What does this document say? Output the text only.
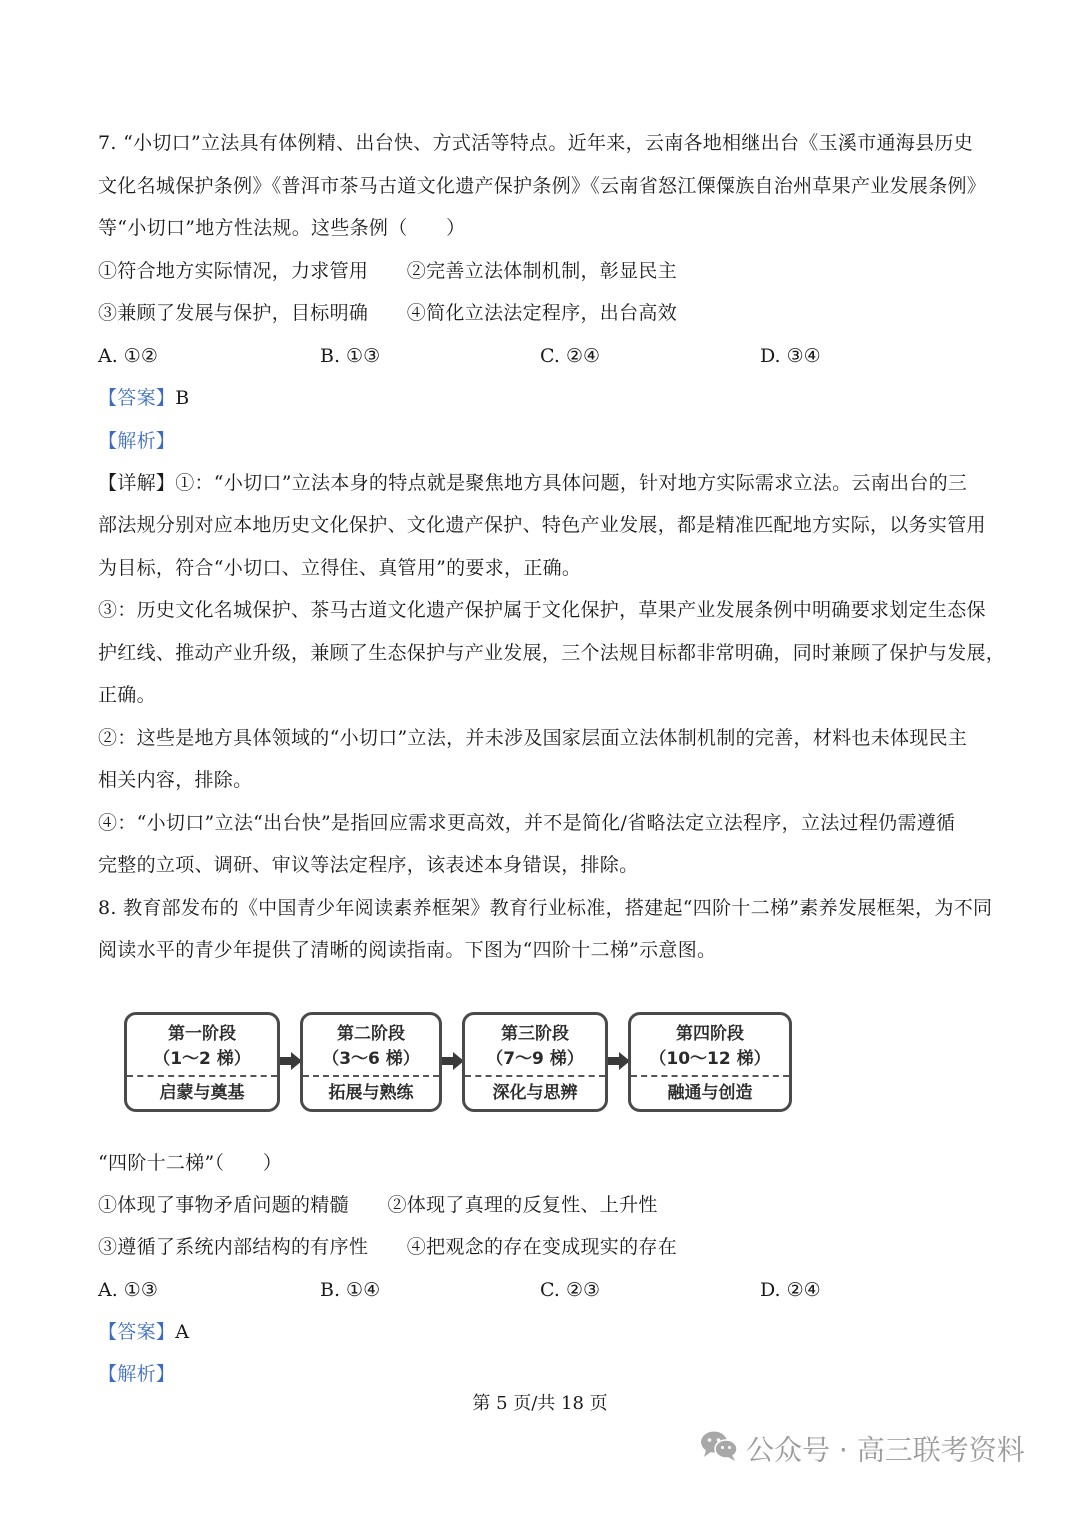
7. “小切口”立法具有体例精、出台快、方式活等特点。近年来，云南各地相继出台《玉溪市通海县历史
文化名城保护条例》《普洱市茶马古道文化遗产保护条例》《云南省怒江傈僳族自治州草果产业发展条例》
等“小切口”地方性法规。这些条例（　　）
①符合地方实际情况，力求管用　　②完善立法体制机制，彰显民主
③兼顾了发展与保护，目标明确　　④简化立法法定程序，出台高效
A. ①②	B. ①③	C. ②④	D. ③④
【答案】B
【解析】
【详解】①：“小切口”立法本身的特点就是聚焦地方具体问题，针对地方实际需求立法。云南出台的三
部法规分别对应本地历史文化保护、文化遗产保护、特色产业发展，都是精准匹配地方实际，以务实管用
为目标，符合“小切口、立得住、真管用”的要求，正确。
③：历史文化名城保护、茶马古道文化遗产保护属于文化保护，草果产业发展条例中明确要求划定生态保
护红线、推动产业升级，兼顾了生态保护与产业发展，三个法规目标都非常明确，同时兼顾了保护与发展，
正确。
②：这些是地方具体领域的“小切口”立法，并未涉及国家层面立法体制机制的完善，材料也未体现民主
相关内容，排除。
④：“小切口”立法“出台快”是指回应需求更高效，并不是简化/省略法定立法程序，立法过程仍需遵循
完整的立项、调研、审议等法定程序，该表述本身错误，排除。
8. 教育部发布的《中国青少年阅读素养框架》教育行业标准，搭建起“四阶十二梯”素养发展框架，为不同
阅读水平的青少年提供了清晰的阅读指南。下图为“四阶十二梯”示意图。
第一阶段
（1～2 梯）
启蒙与奠基
第二阶段
（3～6 梯）
拓展与熟练
第三阶段
（7～9 梯）
深化与思辨
第四阶段
（10～12 梯）
融通与创造
“四阶十二梯”（　　）
①体现了事物矛盾问题的精髓　　②体现了真理的反复性、上升性
③遵循了系统内部结构的有序性　　④把观念的存在变成现实的存在
A. ①③	B. ①④	C. ②③	D. ②④
【答案】A
【解析】
第 5 页/共 18 页
公众号 · 高三联考资料
